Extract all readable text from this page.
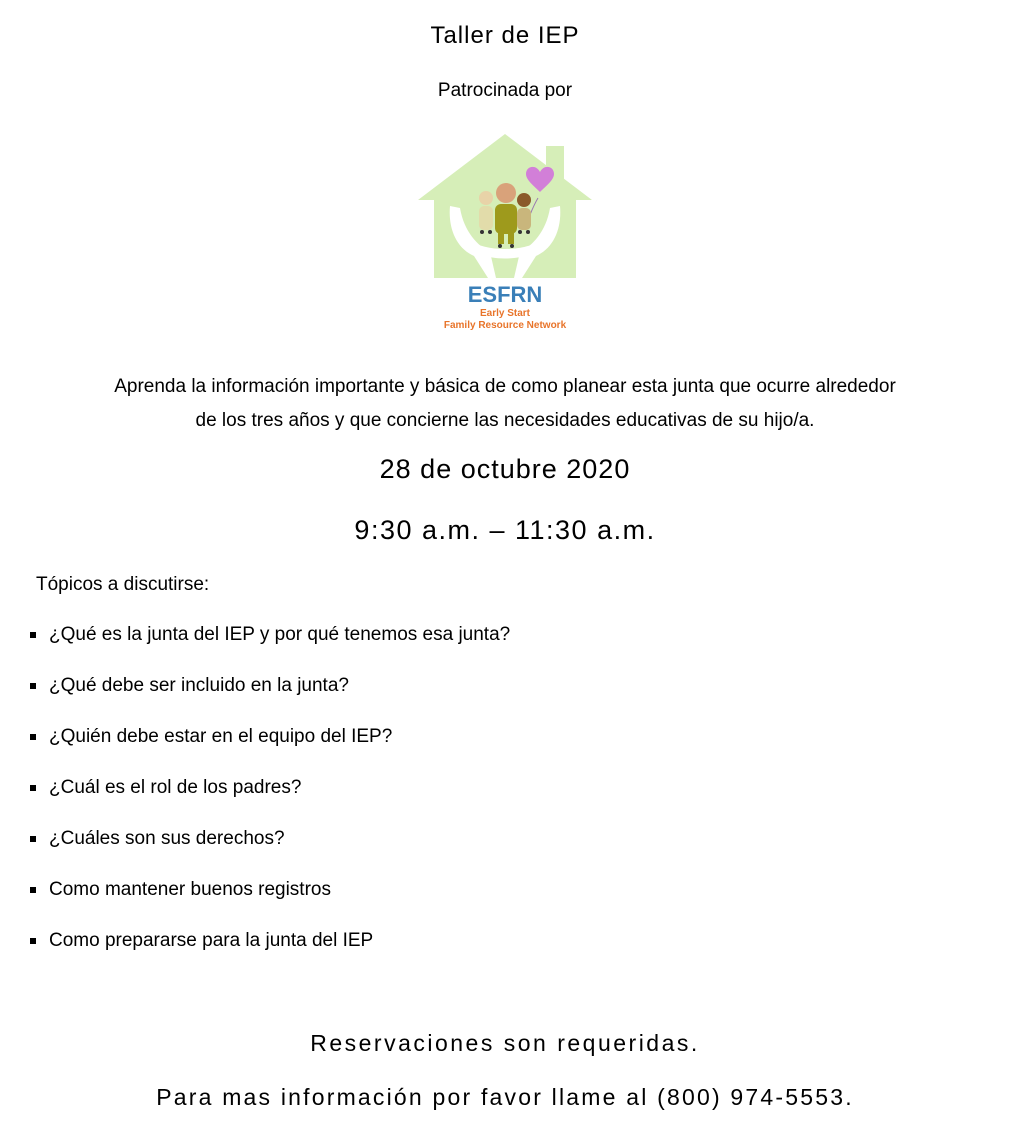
Taller de IEP
Patrocinada por
ESFRN
Early Start
Family Resource Network
Aprenda la información importante y básica de como planear esta junta que ocurre alrededor
de los tres años y que concierne las necesidades educativas de su hijo/a.
28 de octubre 2020
9:30 a.m. – 11:30 a.m.
Tópicos a discutirse:
¿Qué es la junta del IEP y por qué tenemos esa junta?
¿Qué debe ser incluido en la junta?
¿Quién debe estar en el equipo del IEP?
¿Cuál es el rol de los padres?
¿Cuáles son sus derechos?
Como mantener buenos registros
Como prepararse para la junta del IEP
Reservaciones son requeridas.
Para mas información por favor llame al (800) 974-5553.
